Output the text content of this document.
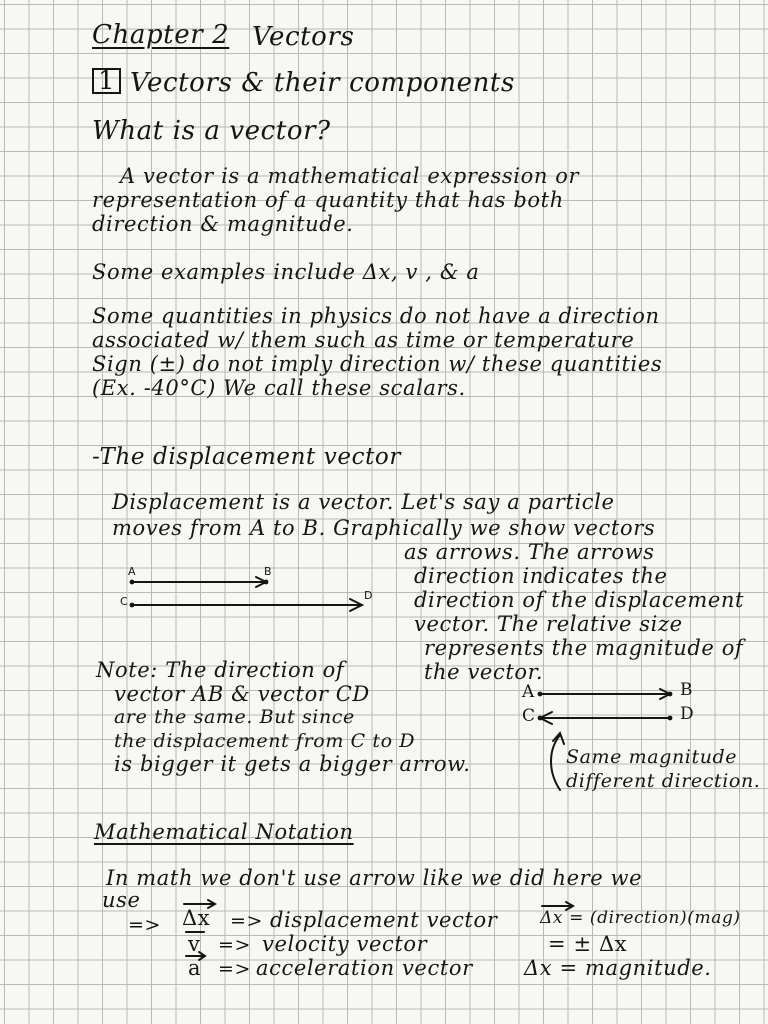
Chapter 2 Vectors
1 Vectors & their components
What is a vector?
A vector is a mathematical expression or
representation of a quantity that has both
direction & magnitude.
Some examples include Δx, v , & a
Some quantities in physics do not have a direction
associated w/ them such as time or temperature
Sign (±) do not imply direction w/ these quantities
(Ex. -40°C) We call these scalars.
-The displacement vector
Displacement is a vector. Let's say a particle
moves from A to B. Graphically we show vectors
as arrows. The arrows
direction indicates the
direction of the displacement
vector. The relative size
represents the magnitude of
the vector.
A	B
C	D
Note: The direction of
vector AB & vector CD
are the same. But since
the displacement from C to D
is bigger it gets a bigger arrow.
A	B
C	D
Same magnitude
different direction.
Mathematical Notation
In math we don't use arrow like we did here we
use
=> Δx => displacement vector
v => velocity vector
a => acceleration vector
Δx = (direction)(mag)
= ± Δx
Δx = magnitude.
